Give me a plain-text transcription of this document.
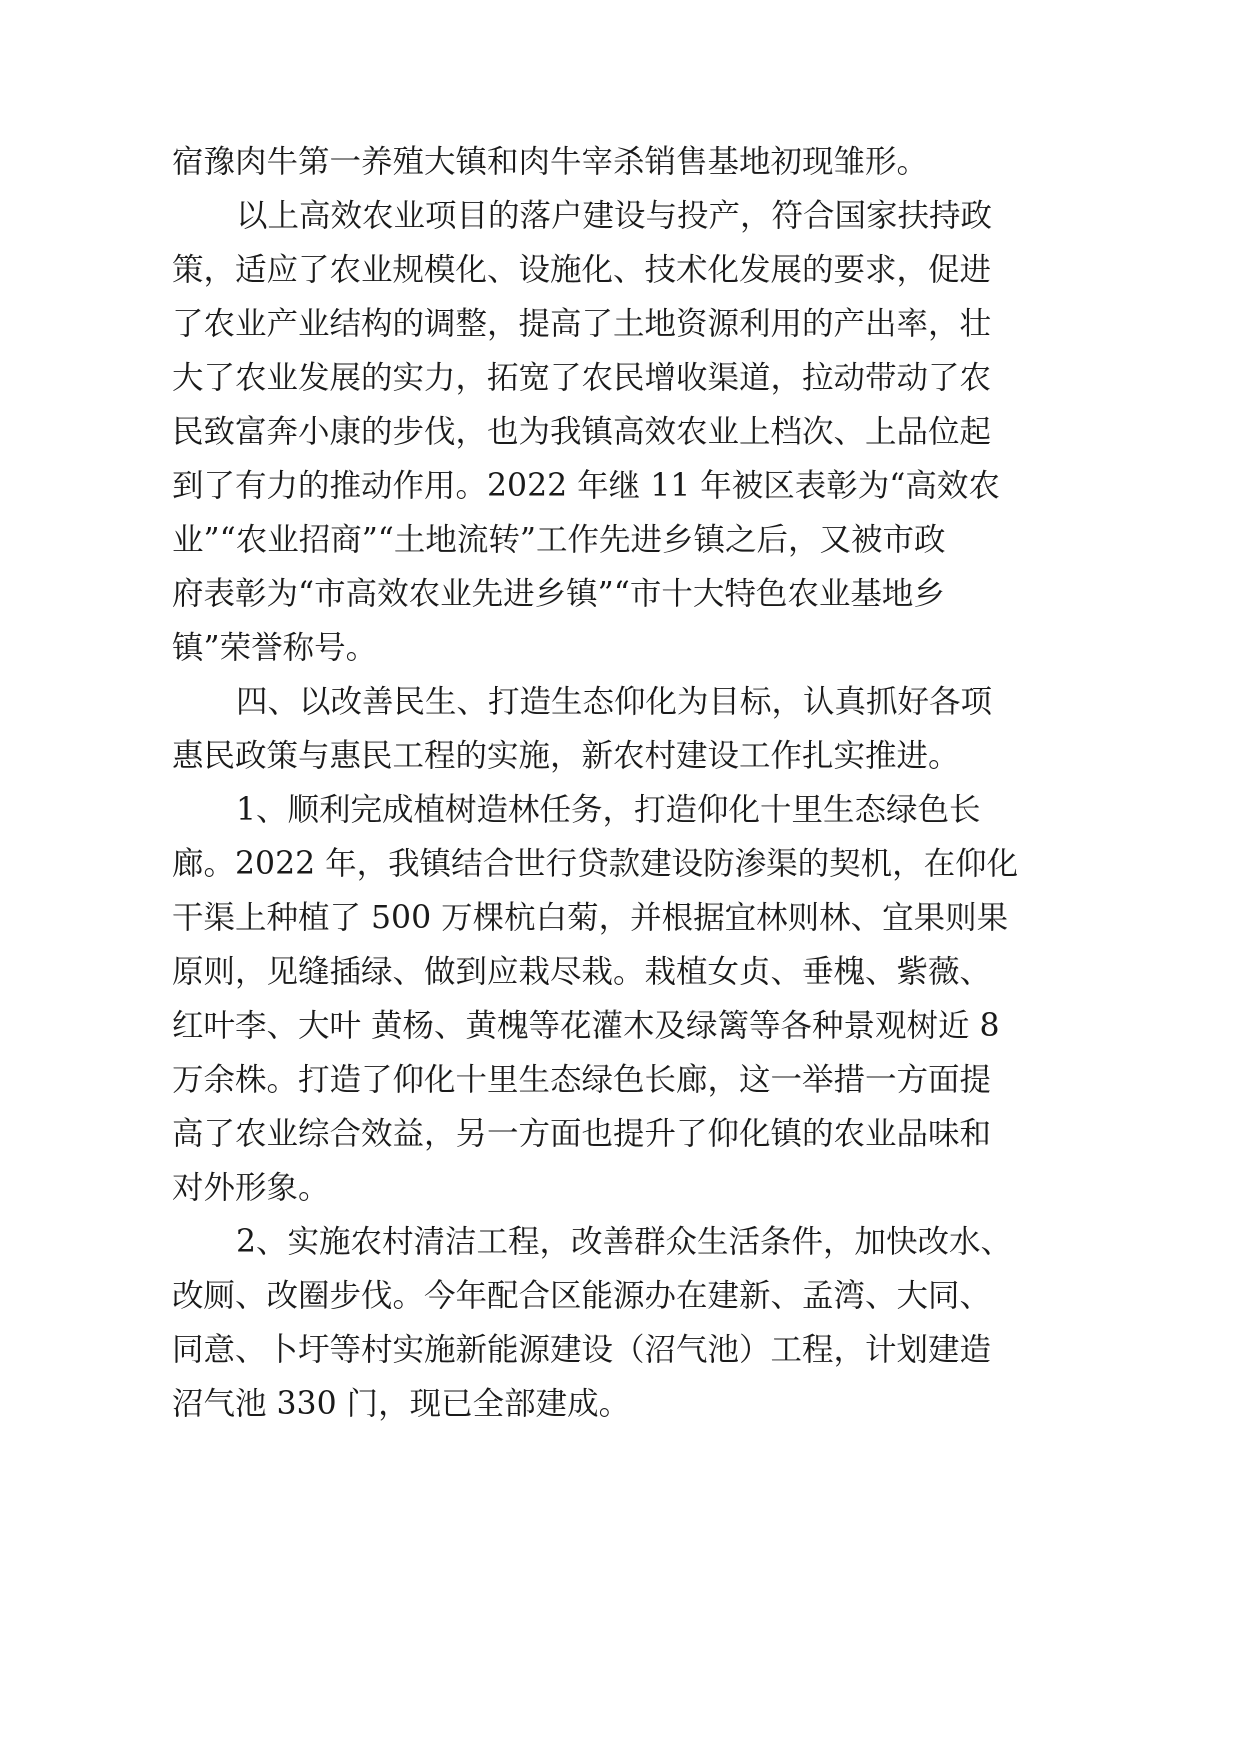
宿豫肉牛第一养殖大镇和肉牛宰杀销售基地初现雏形。
以上高效农业项目的落户建设与投产，符合国家扶持政
策，适应了农业规模化、设施化、技术化发展的要求，促进
了农业产业结构的调整，提高了土地资源利用的产出率，壮
大了农业发展的实力，拓宽了农民增收渠道，拉动带动了农
民致富奔小康的步伐，也为我镇高效农业上档次、上品位起
到了有力的推动作用。2022 年继 11 年被区表彰为“高效农
业”“农业招商”“土地流转”工作先进乡镇之后，又被市政
府表彰为“市高效农业先进乡镇”“市十大特色农业基地乡
镇”荣誉称号。
四、以改善民生、打造生态仰化为目标，认真抓好各项
惠民政策与惠民工程的实施，新农村建设工作扎实推进。
1、顺利完成植树造林任务，打造仰化十里生态绿色长
廊。2022 年，我镇结合世行贷款建设防渗渠的契机，在仰化
干渠上种植了 500 万棵杭白菊，并根据宜林则林、宜果则果
原则，见缝插绿、做到应栽尽栽。栽植女贞、垂槐、紫薇、
红叶李、大叶 黄杨、黄槐等花灌木及绿篱等各种景观树近 8
万余株。打造了仰化十里生态绿色长廊，这一举措一方面提
高了农业综合效益，另一方面也提升了仰化镇的农业品味和
对外形象。
2、实施农村清洁工程，改善群众生活条件，加快改水、
改厕、改圈步伐。今年配合区能源办在建新、孟湾、大同、
同意、卜圩等村实施新能源建设（沼气池）工程，计划建造
沼气池 330 门，现已全部建成。
